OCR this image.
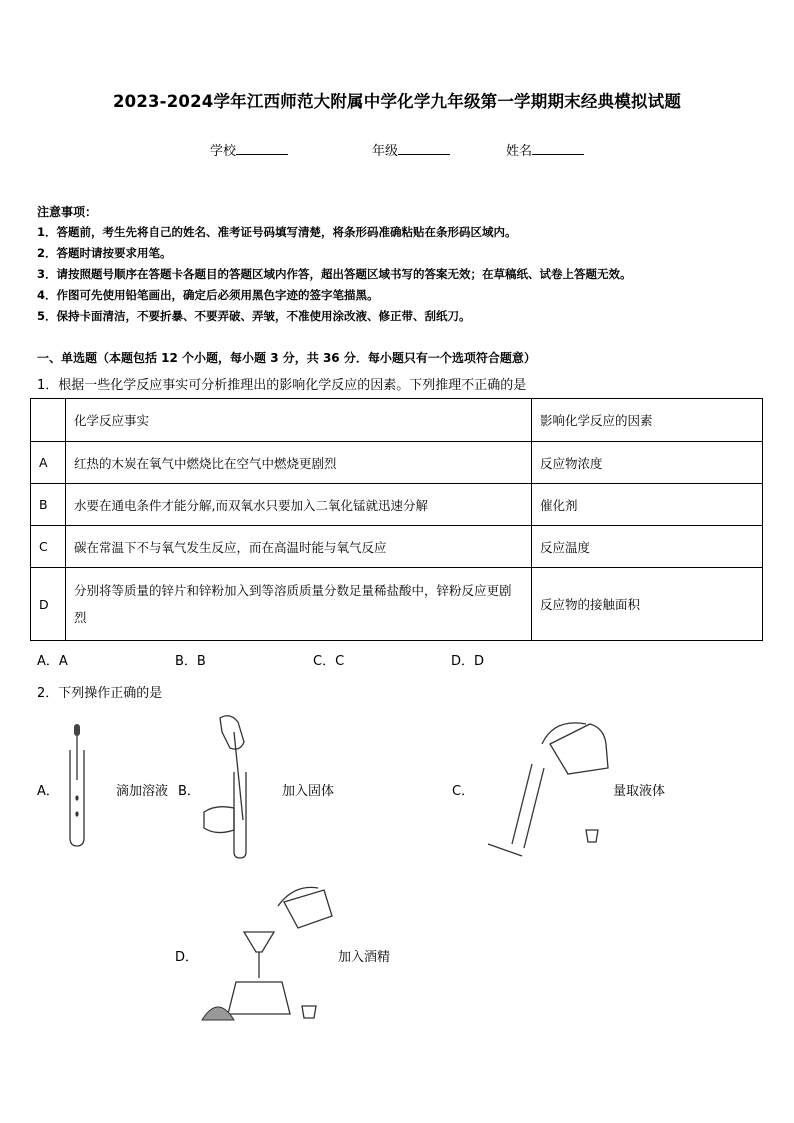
2023-2024学年江西师范大附属中学化学九年级第一学期期末经典模拟试题
学校	年级	姓名
注意事项：
1．答题前，考生先将自己的姓名、准考证号码填写清楚，将条形码准确粘贴在条形码区域内。
2．答题时请按要求用笔。
3．请按照题号顺序在答题卡各题目的答题区域内作答，超出答题区域书写的答案无效；在草稿纸、试卷上答题无效。
4．作图可先使用铅笔画出，确定后必须用黑色字迹的签字笔描黑。
5．保持卡面清洁，不要折暴、不要弄破、弄皱，不准使用涂改液、修正带、刮纸刀。
一、单选题（本题包括 12 个小题，每小题 3 分，共 36 分．每小题只有一个选项符合题意）
1．根据一些化学反应事实可分析推理出的影响化学反应的因素。下列推理不正确的是
	化学反应事实	影响化学反应的因素
A	红热的木炭在氧气中燃烧比在空气中燃烧更剧烈	反应物浓度
B	水要在通电条件才能分解,而双氧水只要加入二氧化锰就迅速分解	催化剂
C	碳在常温下不与氧气发生反应，而在高温时能与氧气反应	反应温度
D	分别将等质量的锌片和锌粉加入到等溶质质量分数足量稀盐酸中，锌粉反应更剧烈	反应物的接触面积
A．A	B．B	C．C	D．D
2．下列操作正确的是
A．	滴加溶液 B．	加入固体	C．	量取液体
D．	加入酒精
